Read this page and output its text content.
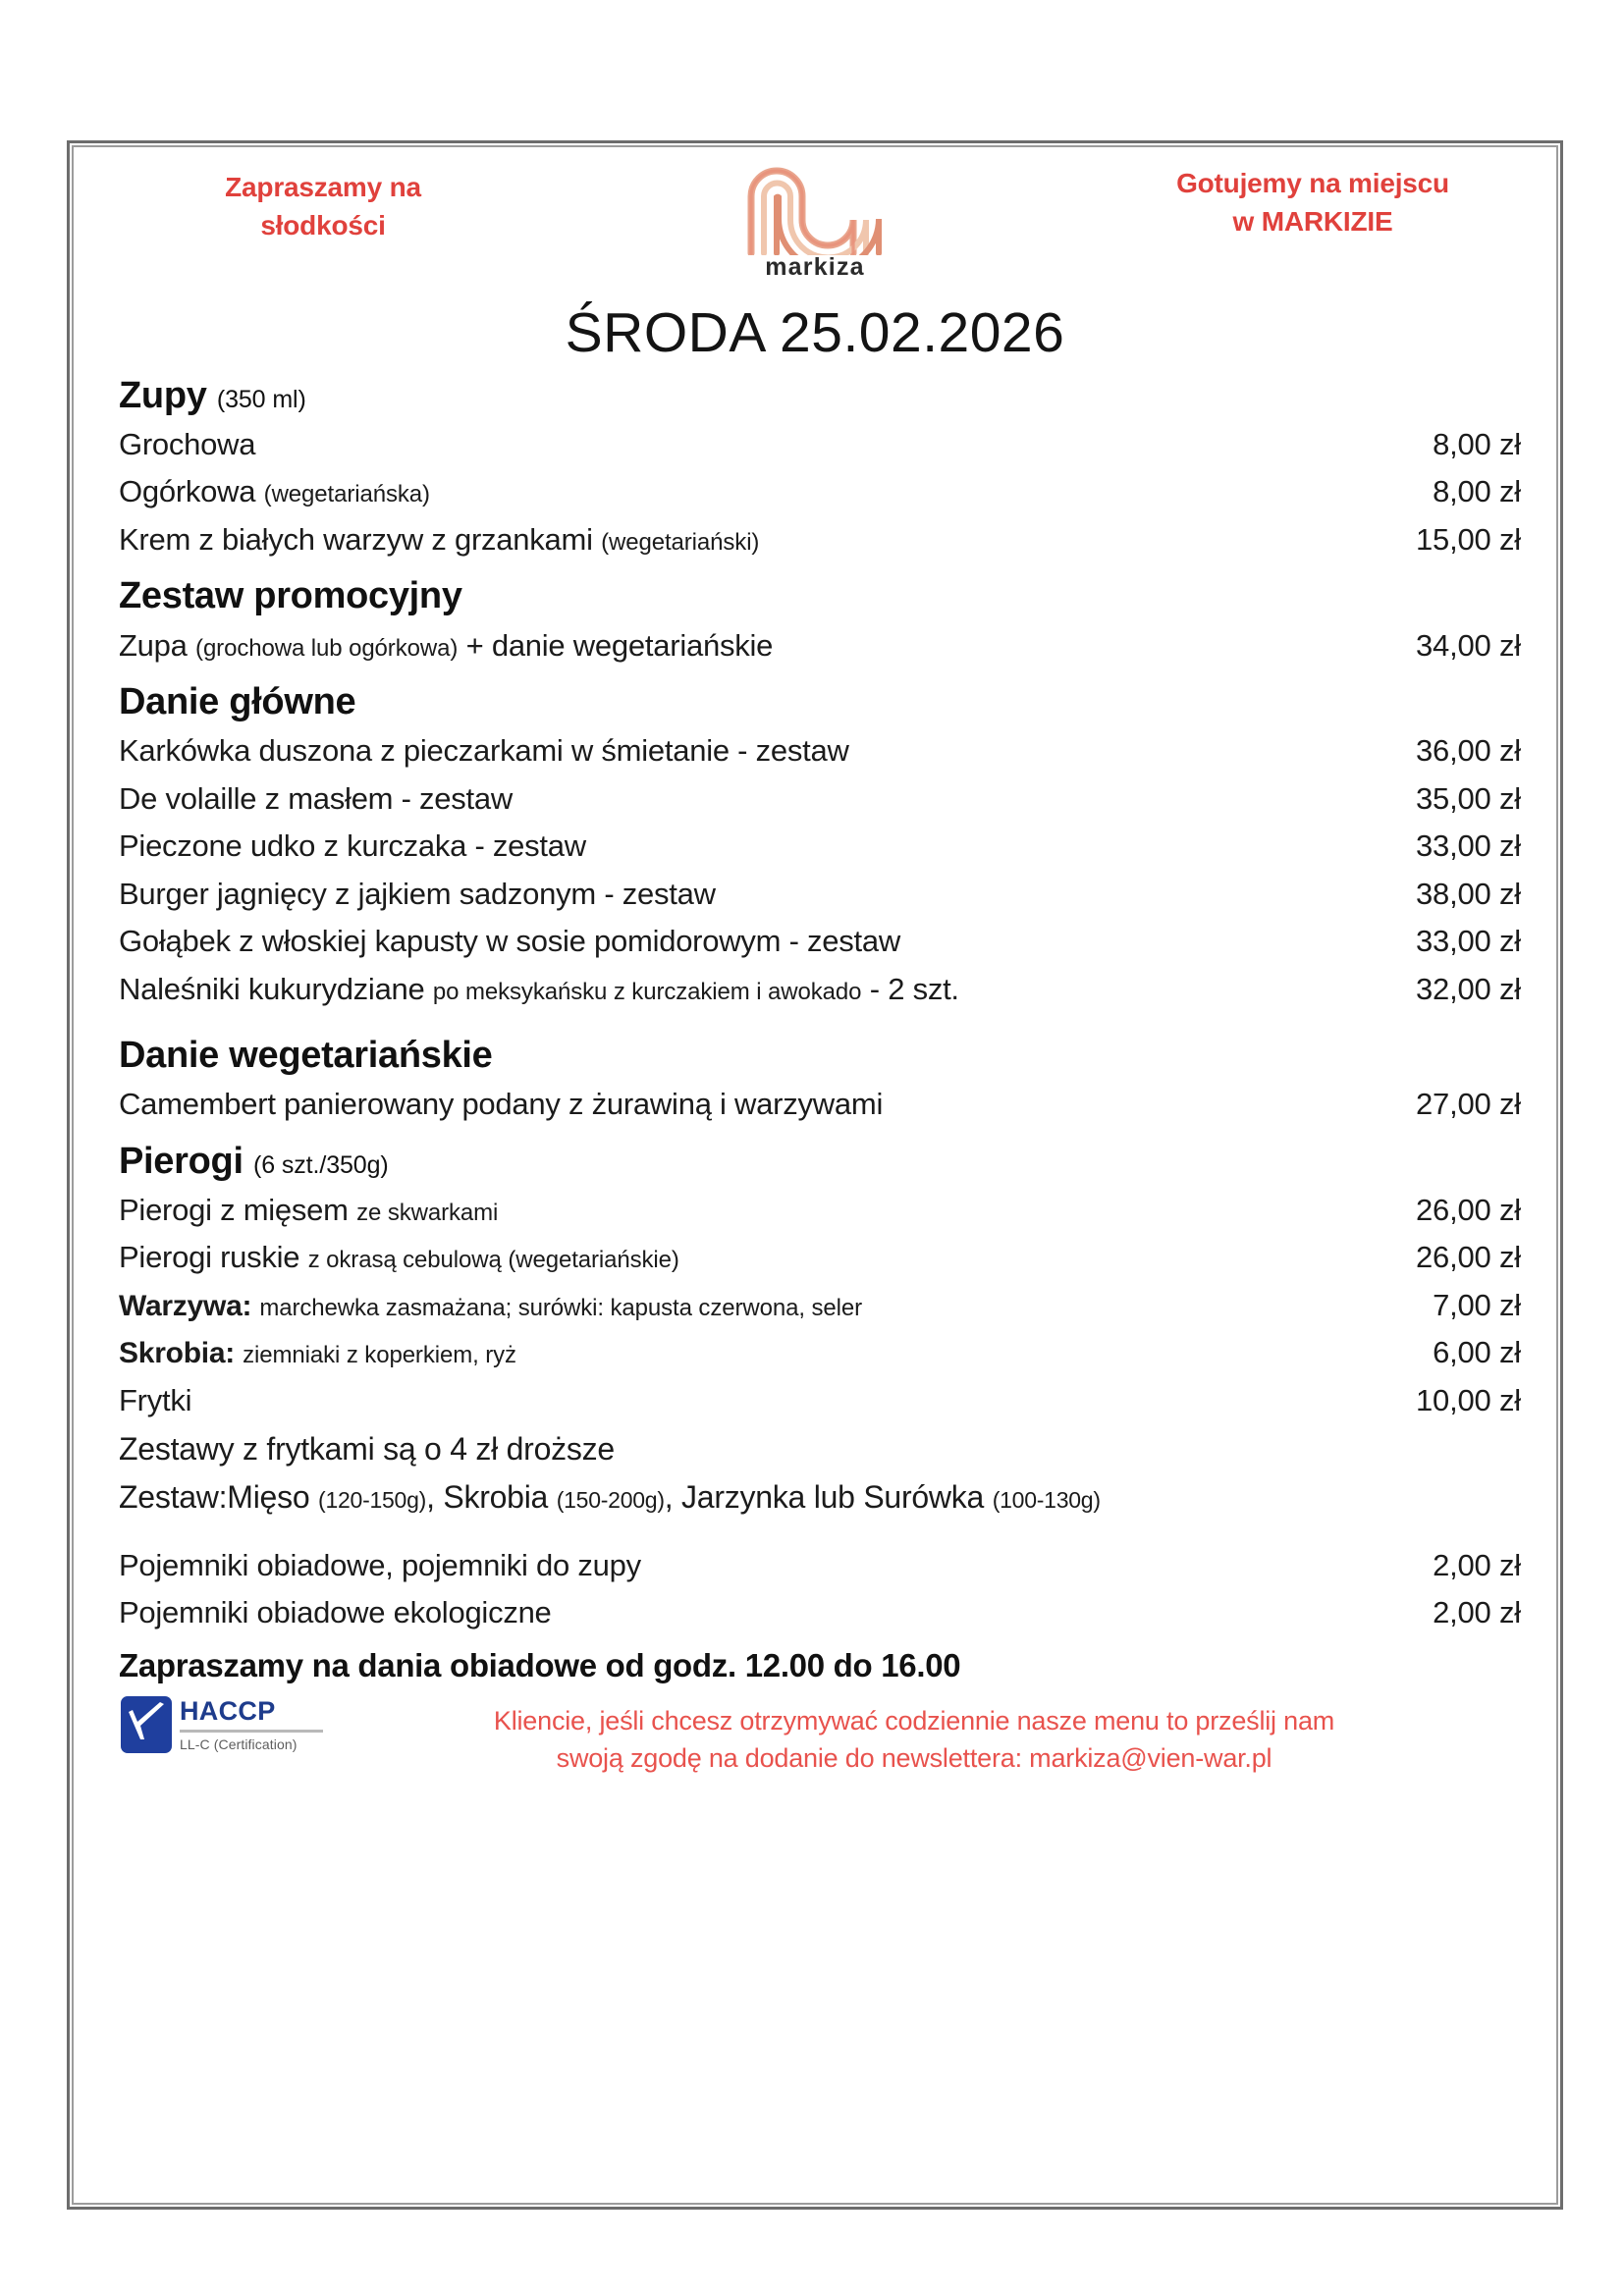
Zapraszamy na
słodkości
markiza
Gotujemy na miejscu
w MARKIZIE
ŚRODA 25.02.2026
Zupy (350 ml)
Grochowa	8,00 zł
Ogórkowa (wegetariańska)	8,00 zł
Krem z białych warzyw z grzankami (wegetariański)	15,00 zł
Zestaw promocyjny
Zupa (grochowa lub ogórkowa) + danie wegetariańskie	34,00 zł
Danie główne
Karkówka duszona z pieczarkami w śmietanie - zestaw	36,00 zł
De volaille z masłem - zestaw	35,00 zł
Pieczone udko z kurczaka - zestaw	33,00 zł
Burger jagnięcy z jajkiem sadzonym - zestaw	38,00 zł
Gołąbek z włoskiej kapusty w sosie pomidorowym - zestaw	33,00 zł
Naleśniki kukurydziane po meksykańsku z kurczakiem i awokado - 2 szt.	32,00 zł
Danie wegetariańskie
Camembert panierowany podany z żurawiną i warzywami	27,00 zł
Pierogi (6 szt./350g)
Pierogi z mięsem ze skwarkami	26,00 zł
Pierogi ruskie z okrasą cebulową (wegetariańskie)	26,00 zł
Warzywa: marchewka zasmażana; surówki: kapusta czerwona, seler	7,00 zł
Skrobia: ziemniaki z koperkiem, ryż	6,00 zł
Frytki	10,00 zł
Zestawy z frytkami są o 4 zł droższe
Zestaw:Mięso (120-150g), Skrobia (150-200g), Jarzynka lub Surówka (100-130g)
Pojemniki obiadowe, pojemniki do zupy	2,00 zł
Pojemniki obiadowe ekologiczne	2,00 zł
Zapraszamy na dania obiadowe od godz. 12.00 do 16.00
HACCP
LL-C (Certification)
Kliencie, jeśli chcesz otrzymywać codziennie nasze menu to prześlij nam
swoją zgodę na dodanie do newslettera: markiza@vien-war.pl
